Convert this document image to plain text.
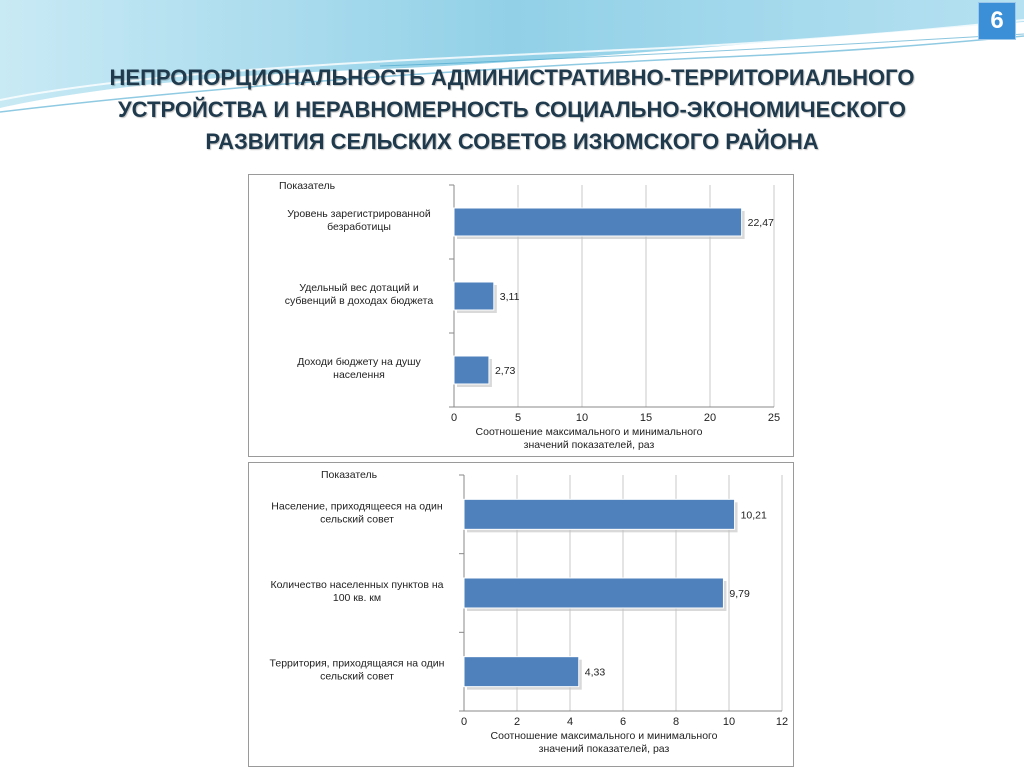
6
НЕПРОПОРЦИОНАЛЬНОСТЬ АДМИНИСТРАТИВНО-ТЕРРИТОРИАЛЬНОГО
УСТРОЙСТВА И НЕРАВНОМЕРНОСТЬ СОЦИАЛЬНО-ЭКОНОМИЧЕСКОГО
РАЗВИТИЯ СЕЛЬСКИХ СОВЕТОВ ИЗЮМСКОГО РАЙОНА
0	5	10	15	20	25
Показатель
22,47
Уровень зарегистрированной
безработицы
3,11
Удельный вес дотаций и
субвенций в доходах бюджета
2,73
Доходи бюджету на душу
населення
Соотношение максимального и минимального
значений показателей, раз
0	2	4	6	8	10	12
Показатель
10,21
Население, приходящееся на один
сельский совет
9,79
Количество населенных пунктов на
100 кв. км
4,33
Территория, приходящаяся на один
сельский совет
Соотношение максимального и минимального
значений показателей, раз
